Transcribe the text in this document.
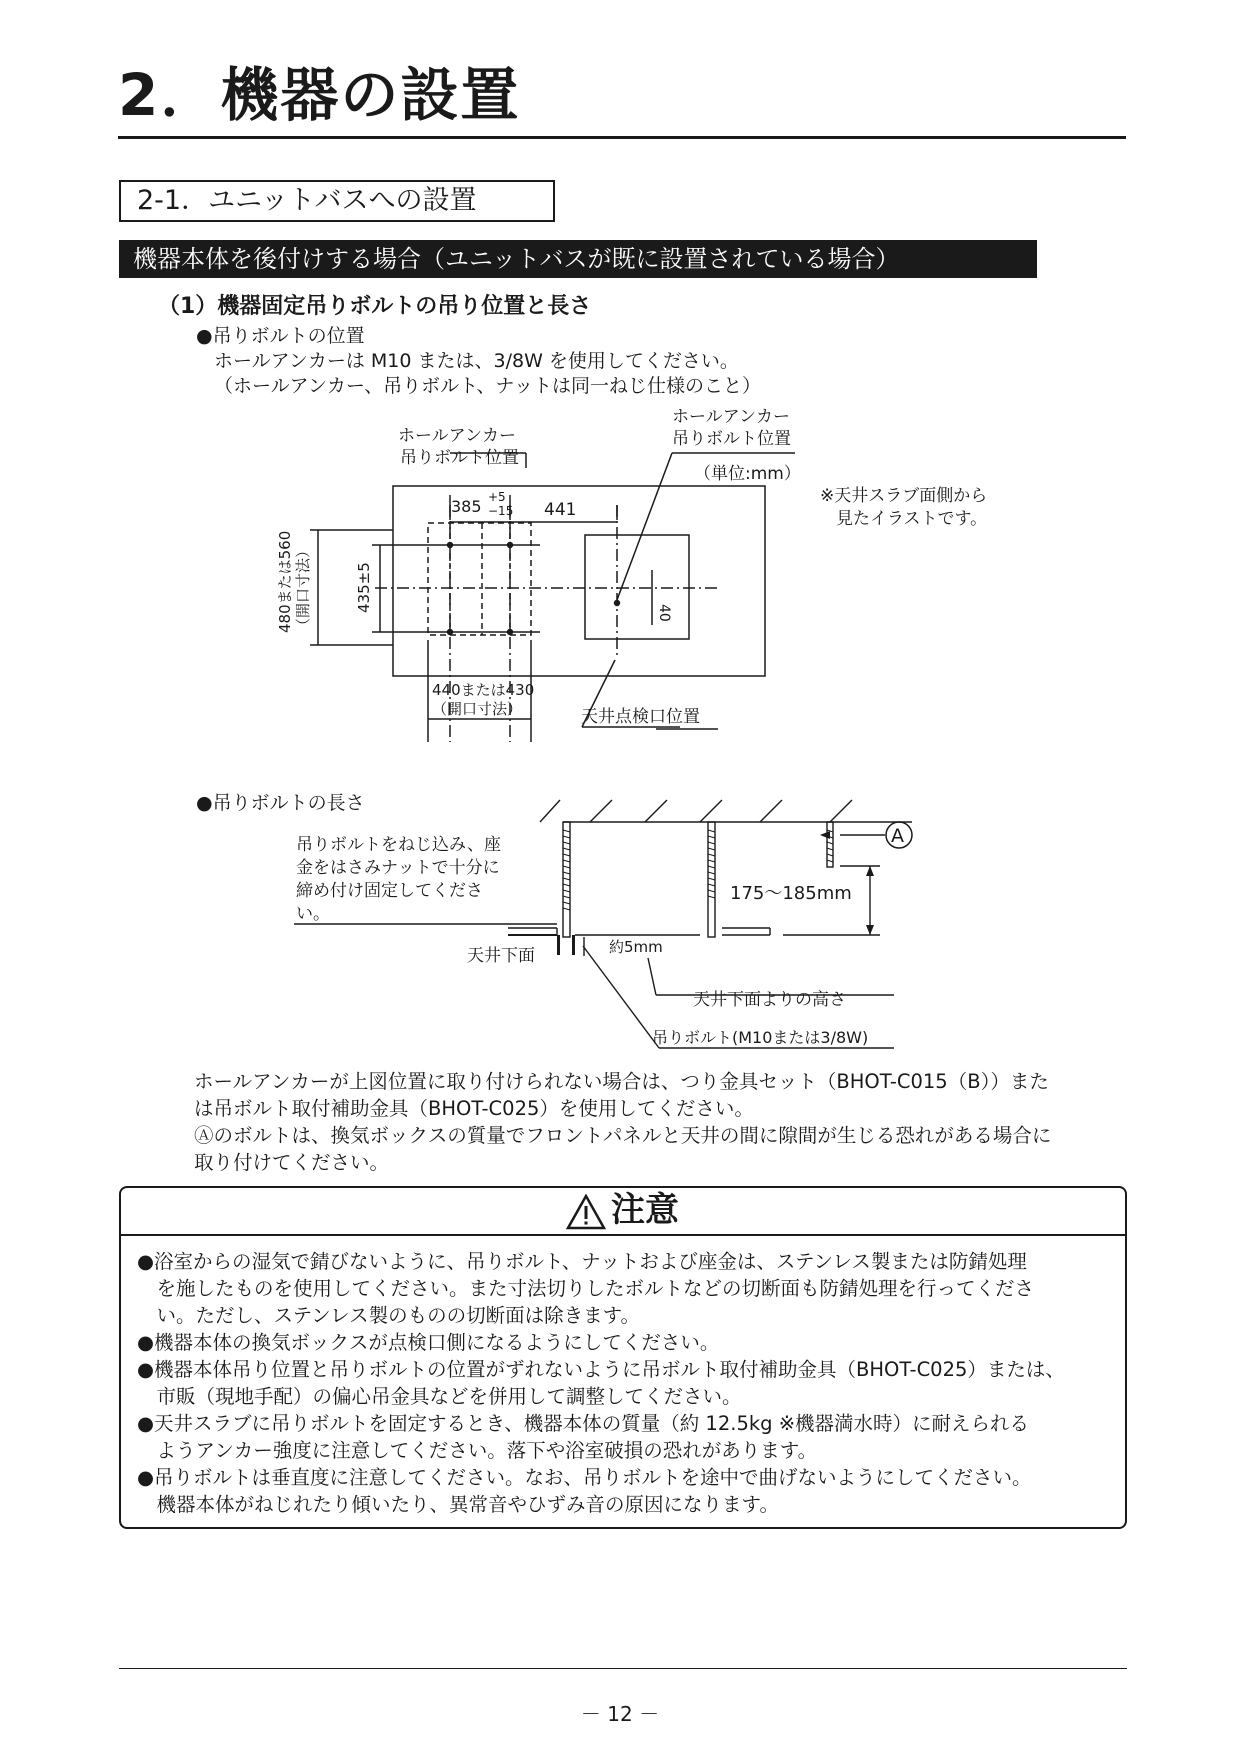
2．機器の設置
2-1．ユニットバスへの設置
機器本体を後付けする場合（ユニットバスが既に設置されている場合）
（1）機器固定吊りボルトの吊り位置と長さ
●吊りボルトの位置
ホールアンカーは M10 または、3/8W を使用してください。
（ホールアンカー、吊りボルト、ナットは同一ねじ仕様のこと）
ホールアンカー
吊りボルト位置
ホールアンカー
吊りボルト位置
（単位:mm）
※天井スラブ面側から
見たイラストです。
385 +5
−15 441
40
435±5
480または560 （開口寸法）
440または430
（開口寸法）	天井点検口位置
●吊りボルトの長さ
A
吊りボルトをねじ込み、座
金をはさみナットで十分に
締め付け固定してくださ
い。
175〜185mm
約5mm
天井下面
天井下面よりの高さ
吊りボルト(M10または3/8W)
ホールアンカーが上図位置に取り付けられない場合は、つり金具セット（BHOT-C015（B））また
は吊ボルト取付補助金具（BHOT-C025）を使用してください。
Ⓐのボルトは、換気ボックスの質量でフロントパネルと天井の間に隙間が生じる恐れがある場合に
取り付けてください。
注意
●浴室からの湿気で錆びないように、吊りボルト、ナットおよび座金は、ステンレス製または防錆処理
　を施したものを使用してください。また寸法切りしたボルトなどの切断面も防錆処理を行ってくださ
　い。ただし、ステンレス製のものの切断面は除きます。
●機器本体の換気ボックスが点検口側になるようにしてください。
●機器本体吊り位置と吊りボルトの位置がずれないように吊ボルト取付補助金具（BHOT-C025）または、
　市販（現地手配）の偏心吊金具などを併用して調整してください。
●天井スラブに吊りボルトを固定するとき、機器本体の質量（約 12.5kg ※機器満水時）に耐えられる
　ようアンカー強度に注意してください。落下や浴室破損の恐れがあります。
●吊りボルトは垂直度に注意してください。なお、吊りボルトを途中で曲げないようにしてください。
　機器本体がねじれたり傾いたり、異常音やひずみ音の原因になります。
－ 12 －
